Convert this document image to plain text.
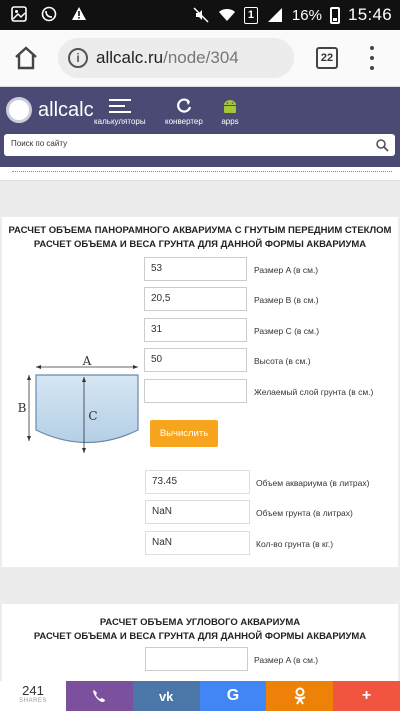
1	16% 15:46
i allcalc.ru/node/304	22
allcalc
калькуляторы конвертер apps
Поиск по сайту
РАСЧЕТ ОБЪЕМА ПАНОРАМНОГО АКВАРИУМА С ГНУТЫМ ПЕРЕДНИМ СТЕКЛОМ
РАСЧЕТ ОБЪЕМА И ВЕСА ГРУНТА ДЛЯ ДАННОЙ ФОРМЫ АКВАРИУМА
A
B
C
53	Размер A (в см.)
20,5	Размер B (в см.)
31	Размер C (в см.)
50	Высота (в см.)
Желаемый слой грунта (в см.)
Вычислить
73.45	Объем аквариума (в литрах)
NaN	Объем грунта (в литрах)
NaN	Кол-во грунта (в кг.)
РАСЧЕТ ОБЪЕМА УГЛОВОГО АКВАРИУМА
РАСЧЕТ ОБЪЕМА И ВЕСА ГРУНТА ДЛЯ ДАННОЙ ФОРМЫ АКВАРИУМА
Размер A (в см.)
241
SHARES	vk	G	+
